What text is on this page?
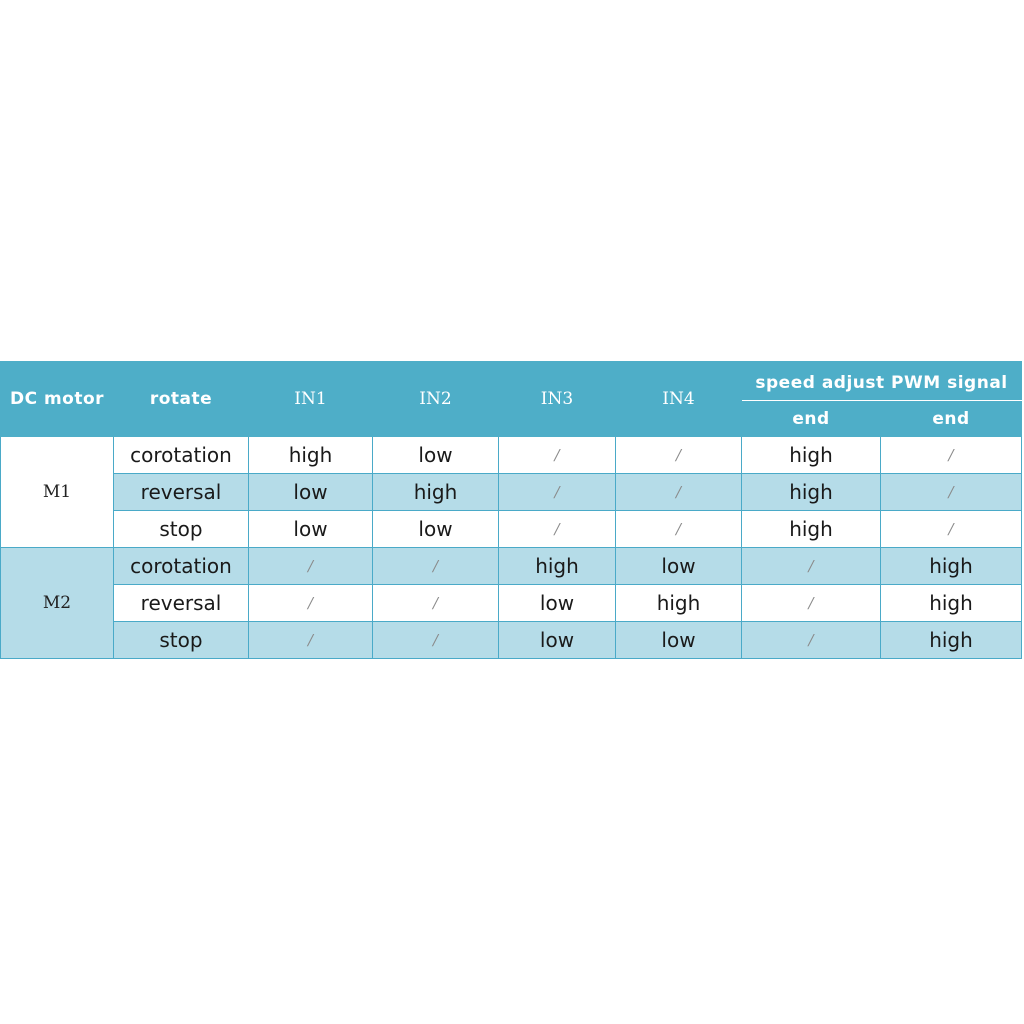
DC motor	rotate	IN1	IN2	IN3	IN4	speed adjust PWM signal	
						end	end
M1	corotation	high	low	/	/	high	/
	reversal	low	high	/	/	high	/
	stop	low	low	/	/	high	/
M2	corotation	/	/	high	low	/	high
	reversal	/	/	low	high	/	high
	stop	/	/	low	low	/	high
